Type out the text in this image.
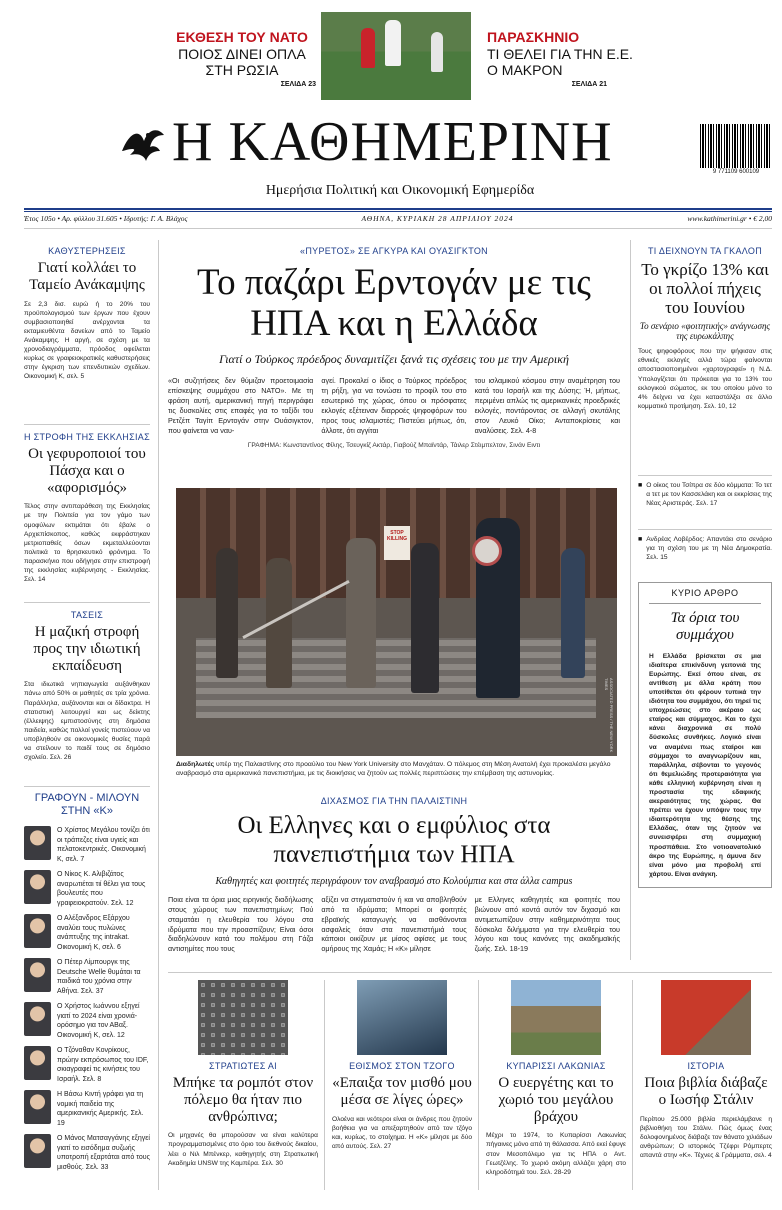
ΕΚΘΕΣΗ ΤΟΥ ΝΑΤΟ
ΠΟΙΟΣ ΔΙΝΕΙ ΟΠΛΑ ΣΤΗ ΡΩΣΙΑ
ΣΕΛΙΔΑ 23
ΠΑΡΑΣΚΗΝΙΟ
ΤΙ ΘΕΛΕΙ ΓΙΑ ΤΗΝ Ε.Ε. Ο ΜΑΚΡΟΝ
ΣΕΛΙΔΑ 21
Η ΚΑΘΗΜΕΡΙΝΗ
Ημερήσια Πολιτική και Οικονομική Εφημερίδα
9 771109 600109
Έτος 105ο • Αρ. φύλλου 31.605 • Ιδρυτής: Γ. Α. Βλάχος	ΑΘΗΝΑ, ΚΥΡΙΑΚΗ 28 ΑΠΡΙΛΙΟΥ 2024	www.kathimerini.gr • € 2,00
ΚΑΘΥΣΤΕΡΗΣΕΙΣ
Γιατί κολλάει το Ταμείο Ανάκαμψης
Σε 2,3 δισ. ευρώ ή το 20% του προϋπολογισμού των έργων που έχουν συμβασιοποιηθεί ανέρχονται τα εκταμιευθέντα δανείων από το Ταμείο Ανάκαμψης. Η αργή, σε σχέση με τα χρονοδιαγράμματα, πρόοδος οφείλεται κυρίως σε γραφειοκρατικές καθυστερήσεις στην έγκριση των επενδυτικών σχεδίων. Οικονομική Κ, σελ. 5
Η ΣΤΡΟΦΗ ΤΗΣ ΕΚΚΛΗΣΙΑΣ
Οι γεφυροποιοί του Πάσχα και ο «αφορισμός»
Τέλος στην αντιπαράθεση της Εκκλησίας με την Πολιτεία για τον γάμο των ομοφύλων εκτιμάται ότι έβαλε ο Αρχιεπίσκοπος, καθώς εκφράστηκαν μετριοπαθείς όσων εκμεταλλεύονται πολιτικά το θρησκευτικό φρόνημα. Το παρασκήνιο που οδήγησε στην επιστροφή της εκκλησίας κυβέρνησης - Εκκλησίας. Σελ. 14
ΤΑΣΕΙΣ
Η μαζική στροφή προς την ιδιωτική εκπαίδευση
Στα ιδιωτικά νηπιαγωγεία αυξάνθηκαν πάνω από 50% οι μαθητές σε τρία χρόνια. Παράλληλα, αυξάνονται και οι δίδακτρα. Η στατιστική λειτουργεί και ως δείκτης (έλλειψης) εμπιστοσύνης στη δημόσια παιδεία, καθώς πολλοί γονείς πιστεύουν να υποβληθούν σε οικονομικές θυσίες παρά να στείλουν το παιδί τους σε δημόσιο σχολείο. Σελ. 26
ΓΡΑΦΟΥΝ - ΜΙΛΟΥΝ ΣΤΗΝ «Κ»
Ο Χρίστος Μεγάλου τονίζει ότι οι τράπεζες είναι υγιείς και πελατοκεντρικές. Οικονομική Κ, σελ. 7
Ο Νίκος Κ. Αλιβιζάτος αναρωτιέται τιί θέλει για τους βουλευτές που γραφειοκρατούν. Σελ. 12
Ο Αλέξανδρος Εξάρχου αναλύει τους πυλώνες ανάπτυξης της intrakat. Οικονομική Κ, σελ. 6
Ο Πέτερ Λίμπουργκ της Deutsche Welle θυμάται τα παιδικά του χρόνια στην Αθήνα. Σελ. 37
Ο Χρήστος Ιωάννου εξηγεί γιατί το 2024 είναι χρονιά-ορόσημο για τον ΑΒαξ. Οικονομική Κ, σελ. 12
Ο Τζόναθαν Κονρίκους, πρώην εκπρόσωπος του IDF, σκιαγραφεί τις κινήσεις του Ισραήλ. Σελ. 8
Η Βάσω Κιντή γράφει για τη νομική παιδεία της αμερικανικής Αμερικής. Σελ. 19
Ο Μάνος Ματσαγγάνης εξηγεί γιατί το εισόδημα συζωής υποτροπή εξαρτάται από τους μισθούς. Σελ. 33
«ΠΥΡΕΤΟΣ» ΣΕ ΑΓΚΥΡΑ ΚΑΙ ΟΥΑΣΙΓΚΤΟΝ
Το παζάρι Ερντογάν με τις ΗΠΑ και η Ελλάδα
Γιατί ο Τούρκος πρόεδρος δυναμιτίζει ξανά τις σχέσεις του με την Αμερική
«Οι συζητήσεις δεν θύμιζαν προετοιμασία επίσκεψης συμμάχου στο ΝΑΤΟ». Με τη φράση αυτή, αμερικανική πηγή περιγράφει τις δυσκολίες στις επαφές για το ταξίδι του Ρετζέπ Ταγίπ Ερντογάν στην Ουάσιγκτον, που φαίνεται να ναυ-
αγεί. Προκαλεί ο ίδιος ο Τούρκος πρόεδρος τη ρήξη, για να τονώσει το προφίλ του στο εσωτερικό της χώρας, όπου οι πρόσφατες εκλογές εξέτειναν διαρροές ψηφοφόρων του προς τους ισλαμιστές; Πιστεύει μήπως, ότι, άλλοτε, ότι αγγίται
του ισλαμικού κόσμου στην αναμέτρηση του κατά του Ισραήλ και της Δύσης; Ή, μήπως, περιμένει απλώς τις αμερικανικές προεδρικές εκλογές, ποντάροντας σε αλλαγή σκυτάλης στον Λευκό Οίκο; Ανταποκρίσεις και αναλύσεις. Σελ. 4-8
ΓΡΑΦΗΜΑ: Κωνσταντίνος Φίλης, Τσευγκίζ Ακτάρ, Γιαβούζ Μπαϊντάρ, Τάιλερ Στέιμπελτον, Σινάν Ειντι
STOP KILLING
ASSOCIATED PRESS / THE NEW YORK TIMES
Διαδηλωτές υπέρ της Παλαιστίνης στο προαύλιο του New York University στο Μανχάταν. Ο πόλεμος στη Μέση Ανατολή έχει προκαλέσει μεγάλο αναβρασμό στα αμερικανικά πανεπιστήμια, με τις διοικήσεις να ζητούν ως πολλές περιπτώσεις την επέμβαση της αστυνομίας.
ΔΙΧΑΣΜΟΣ ΓΙΑ ΤΗΝ ΠΑΛΑΙΣΤΙΝΗ
Οι Ελληνες και ο εμφύλιος στα πανεπιστήμια των ΗΠΑ
Καθηγητές και φοιτητές περιγράφουν τον αναβρασμό στο Κολούμπια και στα άλλα campus
Ποια είναι τα όρια μιας ειρηνικής διαδήλωσης στους χώρους των πανεπιστημίων; Πού σταματάει η ελευθερία του λόγου στα ιδρύματα που την προασπίζουν; Είναι όσοι διαδηλώνουν κατά του πολέμου στη Γάζα αντισημίτες που τους
αξίζει να στιγματιστούν ή και να αποβληθούν από τα ιδρύματα; Μπορεί οι φοιτητές εβραϊκής καταγωγής να αισθάνονται ασφαλείς όταν στα πανεπιστήμιά τους κάποιοι οικίζουν με μίσος αφίσες με τους ομήρους της Χαμάς; Η «Κ» μίλησε
με Ελληνες καθηγητές και φοιτητές που βιώνουν από κοντά αυτόν τον διχασμό και αντιμετωπίζουν στην καθημερινότητα τους δύσκολα διλήμματα για την ελευθερία του λόγου και τους κανόνες της ακαδημαϊκής ζωής. Σελ. 18-19
ΤΙ ΔΕΙΧΝΟΥΝ ΤΑ ΓΚΑΛΟΠ
Το γκρίζο 13% και οι πολλοί πήχεις του Ιουνίου
Το σενάριο «φοιτητικής» ανάγνωσης της ευρωκάλπης
Τους ψηφοφόρους που την ψήφισαν στις εθνικές εκλογές αλλά τώρα φαίνονται αποστασιοποιημένοι «χαρτογραφεί» η Ν.Δ. Υπολογίζεται ότι πρόκειται για το 13% του εκλογικού σώματος, εκ του οποίου μόνο το 4% δείχνει να έχει καταστάλξει σε άλλο κομματικό προτίμηση. Σελ. 10, 12
■ Ο οίκος του Τσίπρα σε δύο κόμματα: Το τετ α τετ με τον Κασσελάκη και οι εκκρίσεις της Νέας Αριστεράς. Σελ. 17
■ Ανδρέας Λοβέρδος: Απαντάει στο σενάριο για τη σχέση του με τη Νέα Δημοκρατία. Σελ. 15
ΚΥΡΙΟ ΑΡΘΡΟ
Τα όρια του συμμάχου
Η Ελλάδα βρίσκεται σε μια ιδιαίτερα επικίνδυνη γειτονιά της Ευρώπης. Εκεί όπου είναι, σε αντίθεση με άλλα κράτη που υποτίθεται ότι φέρουν τυπικά την ιδιότητα του συμμάχου, ότι τηρεί τις υποχρεώσεις στο ακέραιο ως εταίρος και σύμμαχος. Και το έχει κάνει διαχρονικά σε πολύ δύσκολες συνθήκες. Λογικό είναι να αναμένει πως εταίροι και σύμμαχοι το αναγνωρίζουν και, παράλληλα, σέβονται το γεγονός ότι θεμελιώδης προτεραιότητα για κάθε ελληνική κυβέρνηση είναι η προστασία της εδαφικής ακεραιότητας της χώρας. Θα πρέπει να έχουν υπόψιν τους την ιδιαιτερότητα της θέσης της Ελλάδας, όταν της ζητούν να συνεισφέρει στη συμμαχική προσπάθεια. Στο νοτιοανατολικό άκρο της Ευρώπης, η άμυνα δεν είναι μόνο μια προβολή επί χάρτου. Είναι ανάγκη.
ΣΤΡΑΤΙΩΤΕΣ ΑΙ
Μπήκε τα ρομπότ στον πόλεμο θα ήταν πιο ανθρώπινα;
Οι μηχανές θα μπορούσαν να είναι καλύτερα προγραμματισμένες στο όριο του διεθνούς δικαίου, λέει ο Νιλ Μπένκερ, καθηγητής στη Στρατιωτική Ακαδημία UNSW της Καμπέρα. Σελ. 30
ΕΘΙΣΜΟΣ ΣΤΟΝ ΤΖΟΓΟ
«Επαιξα τον μισθό μου μέσα σε λίγες ώρες»
Ολοένα και νεότεροι είναι οι άνδρες που ζητούν βοήθεια για να απεξαρτηθούν από τον τζόγο και, κυρίως, το στοίχημα. Η «Κ» μίλησε με δύο από αυτούς. Σελ. 27
ΚΥΠΑΡΙΣΣΙ ΛΑΚΩΝΙΑΣ
Ο ευεργέτης και το χωριό του μεγάλου βράχου
Μέχρι το 1974, το Κυπαρίσσι Λακωνίας πήγαινες μόνο από τη θάλασσα. Από εκεί έφυγε στον Μεσοπόλεμο για τις ΗΠΑ ο Αντ. Γεωτζέλης. Το χωριό ακόμη αλλάζει χάρη στο κληροδότημά του. Σελ. 28-29
ΙΣΤΟΡΙΑ
Ποια βιβλία διάβαζε ο Ιωσήφ Στάλιν
Περίπου 25.000 βιβλία περιελάμβανε η βιβλιοθήκη του Στάλιν. Πώς όμως ένας δολοφονημένος διάβαζε τον θάνατο χιλιάδων ανθρώπων; Ο ιστορικός Τζέφρι Ρόμπερτς απαντά στην «Κ». Τέχνες & Γράμματα, σελ. 4
